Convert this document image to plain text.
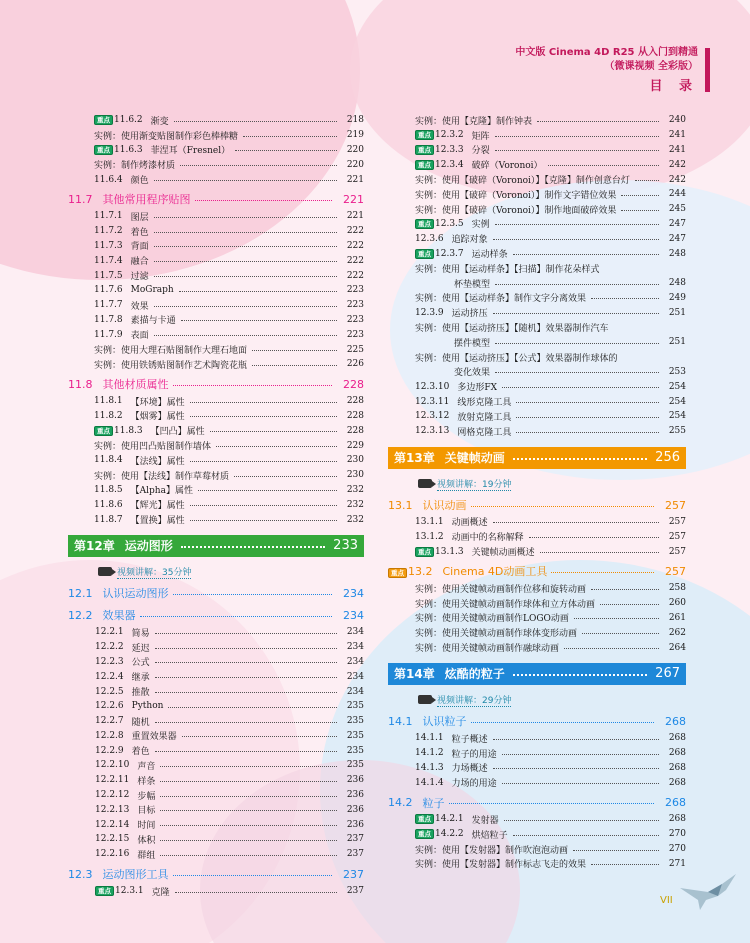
中文版 Cinema 4D R25 从入门到精通
（微课视频 全彩版）
目 录
重点 11.6.2 渐变	218
实例：使用渐变贴图制作彩色棒棒糖	219
重点 11.6.3 菲涅耳（Fresnel）	220
实例：制作烤漆材质	220
11.6.4 颜色	221
11.7 其他常用程序贴图	221
11.7.1 图层	221
11.7.2 着色	222
11.7.3 背面	222
11.7.4 融合	222
11.7.5 过滤	222
11.7.6 MoGraph	223
11.7.7 效果	223
11.7.8 素描与卡通	223
11.7.9 表面	223
实例：使用大理石贴图制作大理石地面	225
实例：使用铁锈贴图制作艺术陶瓷花瓶	226
11.8 其他材质属性	228
11.8.1 【环境】属性	228
11.8.2 【烟雾】属性	228
重点 11.8.3 【凹凸】属性	228
实例：使用凹凸贴图制作墙体	229
11.8.4 【法线】属性	230
实例：使用【法线】制作草莓材质	230
11.8.5 【Alpha】属性	232
11.8.6 【辉光】属性	232
11.8.7 【置换】属性	232
第12章 运动图形	233
视频讲解：35分钟
12.1 认识运动图形	234
12.2 效果器	234
12.2.1 简易	234
12.2.2 延迟	234
12.2.3 公式	234
12.2.4 继承	234
12.2.5 推散	234
12.2.6 Python	235
12.2.7 随机	235
12.2.8 重置效果器	235
12.2.9 着色	235
12.2.10 声音	235
12.2.11 样条	236
12.2.12 步幅	236
12.2.13 目标	236
12.2.14 时间	236
12.2.15 体积	237
12.2.16 群组	237
12.3 运动图形工具	237
重点 12.3.1 克隆	237
实例：使用【克隆】制作钟表	240
重点 12.3.2 矩阵	241
重点 12.3.3 分裂	241
重点 12.3.4 破碎（Voronoi）	242
实例：使用【破碎（Voronoi）】【克隆】制作创意台灯	242
实例：使用【破碎（Voronoi）】制作文字错位效果	244
实例：使用【破碎（Voronoi）】制作地面破碎效果	245
重点 12.3.5 实例	247
12.3.6 追踪对象	247
重点 12.3.7 运动样条	248
实例：使用【运动样条】【扫描】制作花朵样式
杯垫模型	248
实例：使用【运动样条】制作文字分离效果	249
12.3.9 运动挤压	251
实例：使用【运动挤压】【随机】效果器制作汽车
摆件模型	251
实例：使用【运动挤压】【公式】效果器制作球体的
变化效果	253
12.3.10 多边形FX	254
12.3.11 线形克隆工具	254
12.3.12 放射克隆工具	254
12.3.13 网格克隆工具	255
第13章 关键帧动画	256
视频讲解：19分钟
13.1 认识动画	257
13.1.1 动画概述	257
13.1.2 动画中的名称解释	257
重点 13.1.3 关键帧动画概述	257
重点 13.2 Cinema 4D动画工具	257
实例：使用关键帧动画制作位移和旋转动画	258
实例：使用关键帧动画制作球体和立方体动画	260
实例：使用关键帧动画制作LOGO动画	261
实例：使用关键帧动画制作球体变形动画	262
实例：使用关键帧动画制作融球动画	264
第14章 炫酷的粒子	267
视频讲解：29分钟
14.1 认识粒子	268
14.1.1 粒子概述	268
14.1.2 粒子的用途	268
14.1.3 力场概述	268
14.1.4 力场的用途	268
14.2 粒子	268
重点 14.2.1 发射器	268
重点 14.2.2 烘焙粒子	270
实例：使用【发射器】制作吹泡泡动画	270
实例：使用【发射器】制作标志飞走的效果	271
VII
